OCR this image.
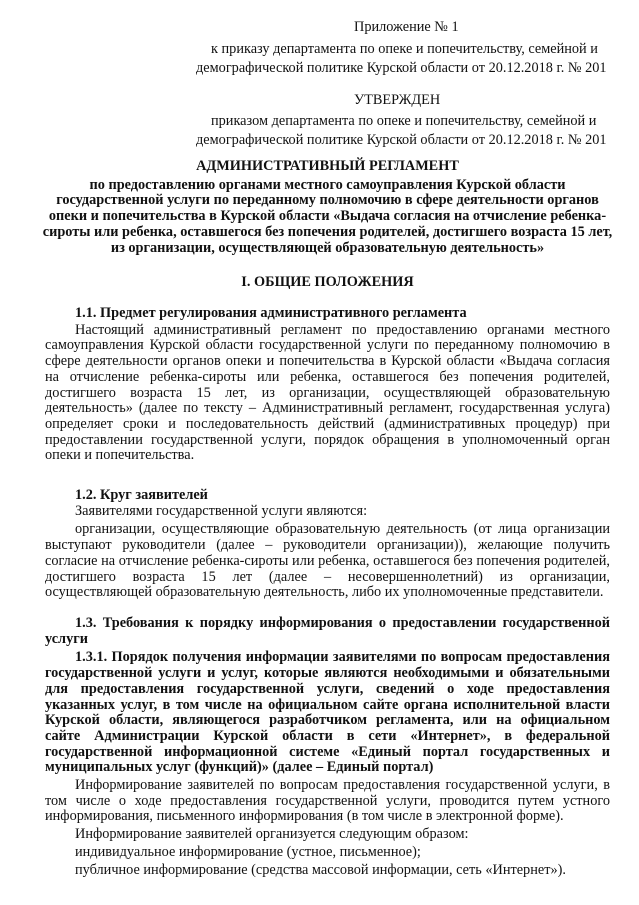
Приложение № 1
к приказу департамента по опеке и попечительству, семейной и
демографической политике Курской области от 20.12.2018 г. № 201
УТВЕРЖДЕН
приказом департамента по опеке и попечительству, семейной и
демографической политике Курской области от 20.12.2018 г. № 201
АДМИНИСТРАТИВНЫЙ РЕГЛАМЕНТ
по предоставлению органами местного самоуправления Курской области
государственной услуги по переданному полномочию в сфере деятельности органов
опеки и попечительства в Курской области «Выдача согласия на отчисление ребенка-
сироты или ребенка, оставшегося без попечения родителей, достигшего возраста 15 лет,
из организации, осуществляющей образовательную деятельность»
I. ОБЩИЕ ПОЛОЖЕНИЯ
1.1. Предмет регулирования административного регламента

Настоящий административный регламент по предоставлению органами местного самоуправления Курской области государственной услуги по переданному полномочию в сфере деятельности органов опеки и попечительства в Курской области «Выдача согласия на отчисление ребенка-сироты или ребенка, оставшегося без попечения родителей, достигшего возраста 15 лет, из организации, осуществляющей образовательную деятельность» (далее по тексту – Административный регламент, государственная услуга) определяет сроки и последовательность действий (административных процедур) при предоставлении государственной услуги, порядок обращения в уполномоченный орган опеки и попечительства.

1.2. Круг заявителей
Заявителями государственной услуги являются:

организации, осуществляющие образовательную деятельность (от лица организации выступают руководители (далее – руководители организации)), желающие получить согласие на отчисление ребенка-сироты или ребенка, оставшегося без попечения родителей, достигшего возраста 15 лет (далее – несовершеннолетний) из организации, осуществляющей образовательную деятельность, либо их уполномоченные представители.

1.3. Требования к порядку информирования о предоставлении государственной услуги

1.3.1. Порядок получения информации заявителями по вопросам предоставления государственной услуги и услуг, которые являются необходимыми и обязательными для предоставления государственной услуги, сведений о ходе предоставления указанных услуг, в том числе на официальном сайте органа исполнительной власти Курской области, являющегося разработчиком регламента, или на официальном сайте Администрации Курской области в сети «Интернет», в федеральной государственной информационной системе «Единый портал государственных и муниципальных услуг (функций)» (далее – Единый портал)

Информирование заявителей по вопросам предоставления государственной услуги, в том числе о ходе предоставления государственной услуги, проводится путем устного информирования, письменного информирования (в том числе в электронной форме).

Информирование заявителей организуется следующим образом:
индивидуальное информирование (устное, письменное);
публичное информирование (средства массовой информации, сеть «Интернет»).
